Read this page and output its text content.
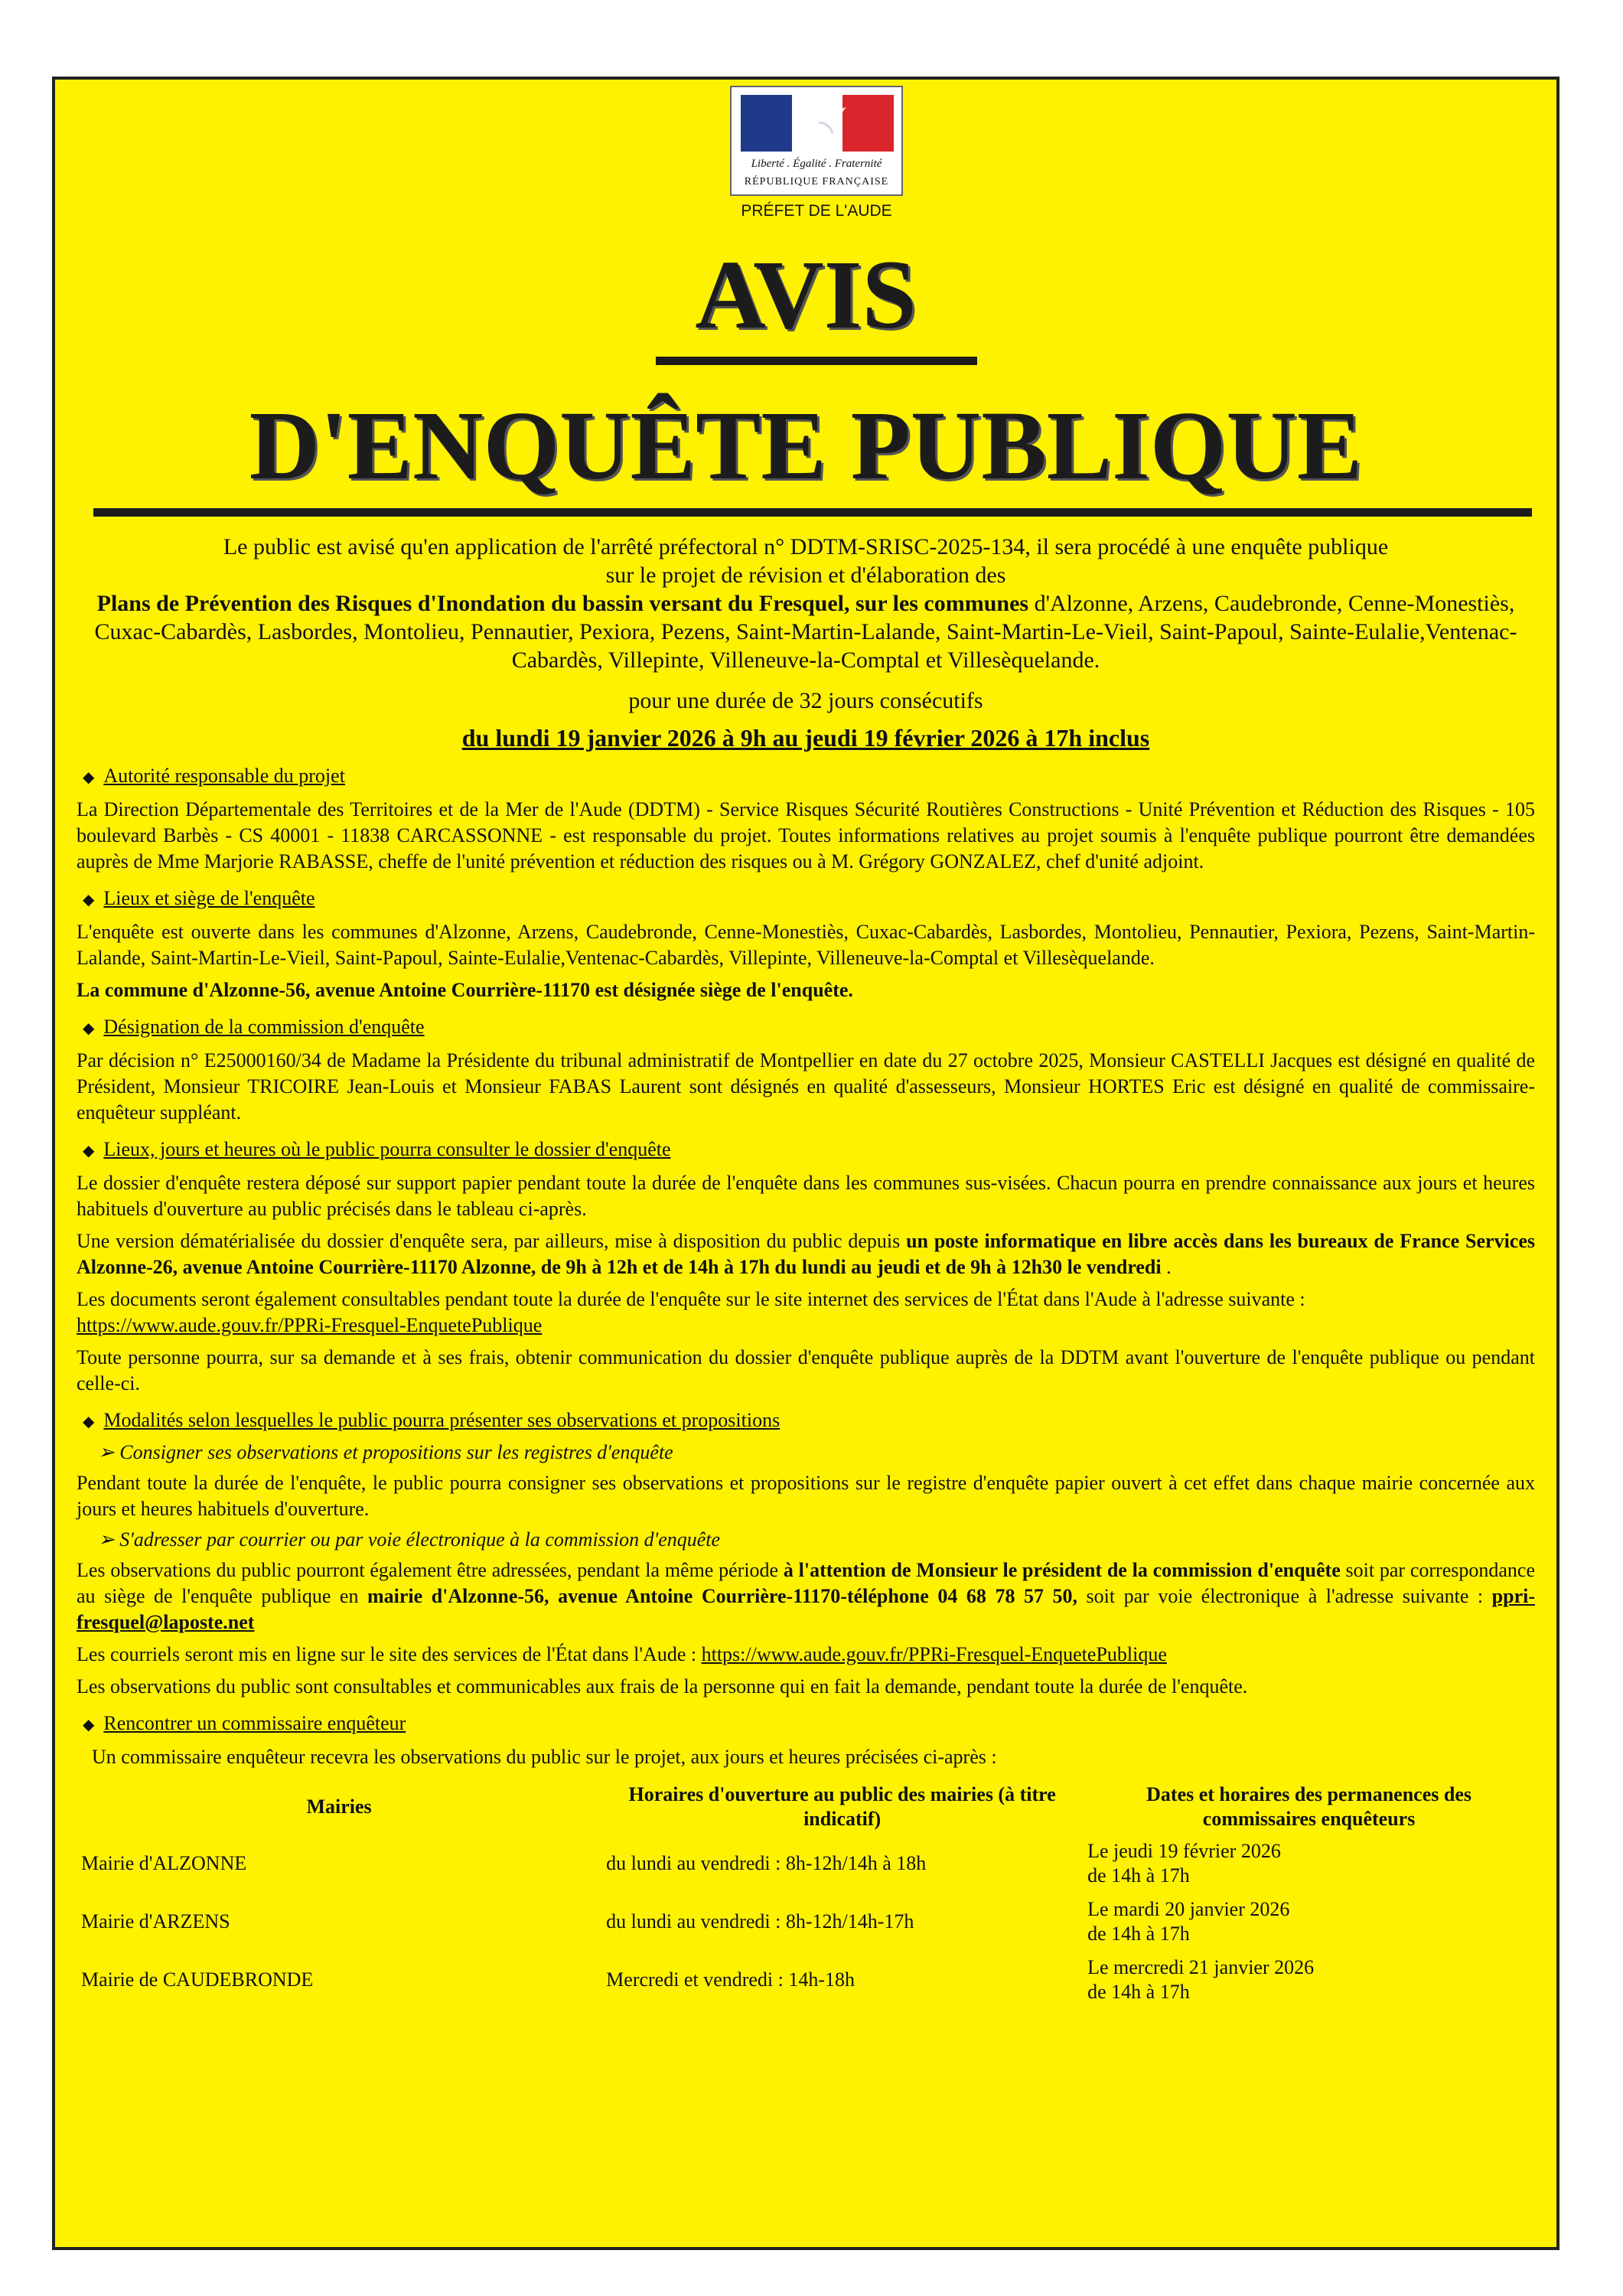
Liberté . Égalité . Fraternité
RÉPUBLIQUE FRANÇAISE
PRÉFET DE L'AUDE
AVIS
D'ENQUÊTE PUBLIQUE
Le public est avisé qu'en application de l'arrêté préfectoral n° DDTM-SRISC-2025-134, il sera procédé à une enquête publique
sur le projet de révision et d'élaboration des
Plans de Prévention des Risques d'Inondation du bassin versant du Fresquel, sur les communes d'Alzonne, Arzens, Caudebronde, Cenne-Monestiès, Cuxac-Cabardès, Lasbordes, Montolieu, Pennautier, Pexiora, Pezens, Saint-Martin-Lalande, Saint-Martin-Le-Vieil, Saint-Papoul, Sainte-Eulalie,Ventenac-Cabardès, Villepinte, Villeneuve-la-Comptal et Villesèquelande.
pour une durée de 32 jours consécutifs
du lundi 19 janvier 2026 à 9h au jeudi 19 février 2026 à 17h inclus
◆ Autorité responsable du projet
La Direction Départementale des Territoires et de la Mer de l'Aude (DDTM) - Service Risques Sécurité Routières Constructions - Unité Prévention et Réduction des Risques - 105 boulevard Barbès - CS 40001 - 11838 CARCASSONNE - est responsable du projet. Toutes informations relatives au projet soumis à l'enquête publique pourront être demandées auprès de Mme Marjorie RABASSE, cheffe de l'unité prévention et réduction des risques ou à M. Grégory GONZALEZ, chef d'unité adjoint.
◆ Lieux et siège de l'enquête
L'enquête est ouverte dans les communes d'Alzonne, Arzens, Caudebronde, Cenne-Monestiès, Cuxac-Cabardès, Lasbordes, Montolieu, Pennautier, Pexiora, Pezens, Saint-Martin-Lalande, Saint-Martin-Le-Vieil, Saint-Papoul, Sainte-Eulalie,Ventenac-Cabardès, Villepinte, Villeneuve-la-Comptal et Villesèquelande.
La commune d'Alzonne-56, avenue Antoine Courrière-11170 est désignée siège de l'enquête.
◆ Désignation de la commission d'enquête
Par décision n° E25000160/34 de Madame la Présidente du tribunal administratif de Montpellier en date du 27 octobre 2025, Monsieur CASTELLI Jacques est désigné en qualité de Président, Monsieur TRICOIRE Jean-Louis et Monsieur FABAS Laurent sont désignés en qualité d'assesseurs, Monsieur HORTES Eric est désigné en qualité de commissaire-enquêteur suppléant.
◆ Lieux, jours et heures où le public pourra consulter le dossier d'enquête
Le dossier d'enquête restera déposé sur support papier pendant toute la durée de l'enquête dans les communes sus-visées. Chacun pourra en prendre connaissance aux jours et heures habituels d'ouverture au public précisés dans le tableau ci-après.
Une version dématérialisée du dossier d'enquête sera, par ailleurs, mise à disposition du public depuis un poste informatique en libre accès dans les bureaux de France Services Alzonne-26, avenue Antoine Courrière-11170 Alzonne, de 9h à 12h et de 14h à 17h du lundi au jeudi et de 9h à 12h30 le vendredi .
Les documents seront également consultables pendant toute la durée de l'enquête sur le site internet des services de l'État dans l'Aude à l'adresse suivante :
https://www.aude.gouv.fr/PPRi-Fresquel-EnquetePublique
Toute personne pourra, sur sa demande et à ses frais, obtenir communication du dossier d'enquête publique auprès de la DDTM avant l'ouverture de l'enquête publique ou pendant celle-ci.
◆ Modalités selon lesquelles le public pourra présenter ses observations et propositions
➢ Consigner ses observations et propositions sur les registres d'enquête
Pendant toute la durée de l'enquête, le public pourra consigner ses observations et propositions sur le registre d'enquête papier ouvert à cet effet dans chaque mairie concernée aux jours et heures habituels d'ouverture.
➢ S'adresser par courrier ou par voie électronique à la commission d'enquête
Les observations du public pourront également être adressées, pendant la même période à l'attention de Monsieur le président de la commission d'enquête soit par correspondance au siège de l'enquête publique en mairie d'Alzonne-56, avenue Antoine Courrière-11170-téléphone 04 68 78 57 50, soit par voie électronique à l'adresse suivante : ppri-fresquel@laposte.net
Les courriels seront mis en ligne sur le site des services de l'État dans l'Aude : https://www.aude.gouv.fr/PPRi-Fresquel-EnquetePublique
Les observations du public sont consultables et communicables aux frais de la personne qui en fait la demande, pendant toute la durée de l'enquête.
◆ Rencontrer un commissaire enquêteur
Un commissaire enquêteur recevra les observations du public sur le projet, aux jours et heures précisées ci-après :
Mairies	Horaires d'ouverture au public des mairies (à titre indicatif)	Dates et horaires des permanences des commissaires enquêteurs
Mairie d'ALZONNE	du lundi au vendredi : 8h-12h/14h à 18h	Le jeudi 19 février 2026
de 14h à 17h

Mairie d'ARZENS	du lundi au vendredi : 8h-12h/14h-17h	Le mardi 20 janvier 2026
de 14h à 17h

Mairie de CAUDEBRONDE	Mercredi et vendredi : 14h-18h	Le mercredi 21 janvier 2026
de 14h à 17h
